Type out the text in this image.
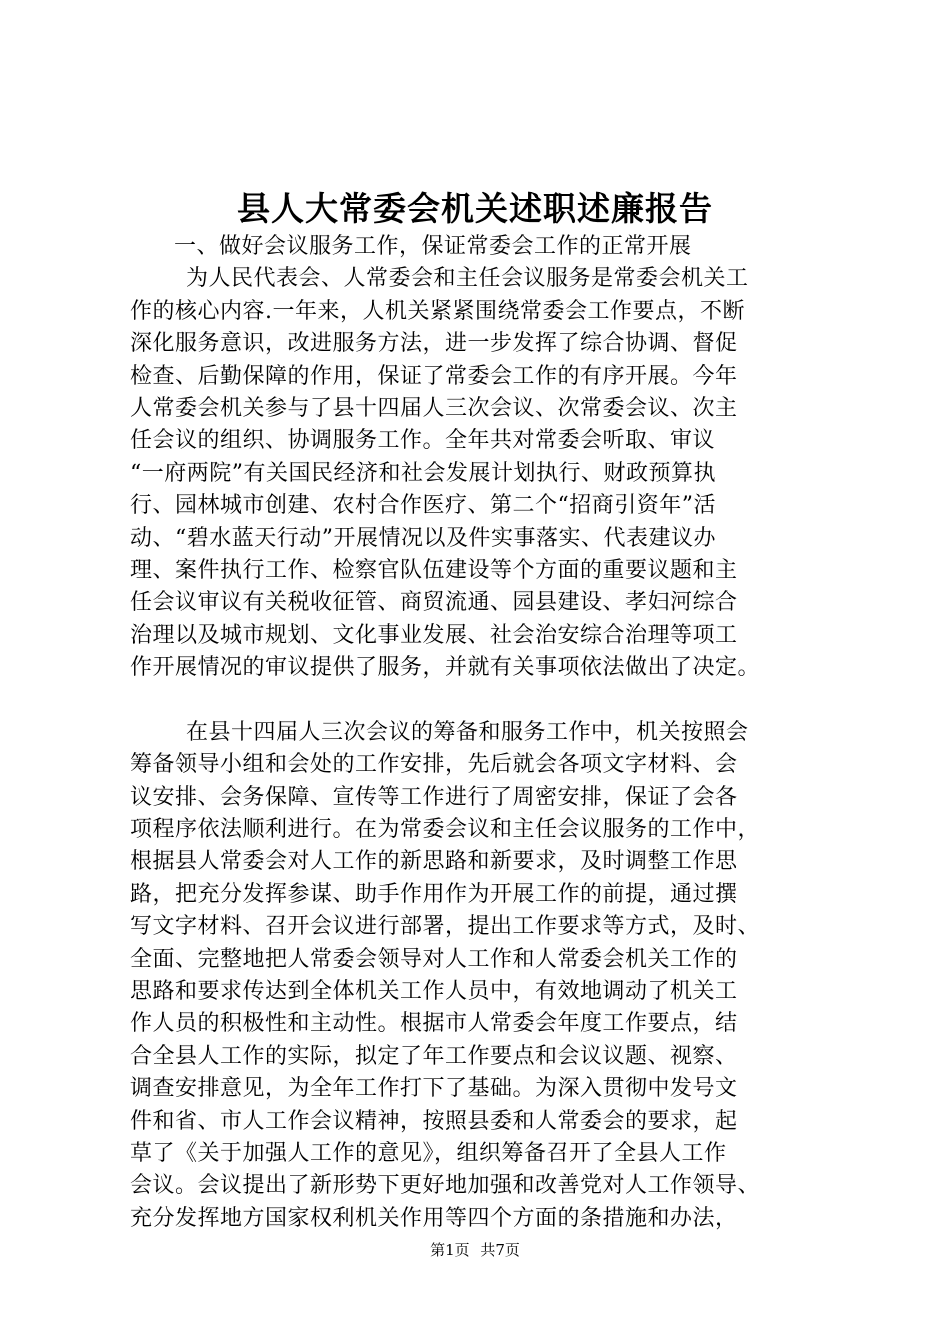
县人大常委会机关述职述廉报告
一、做好会议服务工作，保证常委会工作的正常开展
为人民代表会、人常委会和主任会议服务是常委会机关工
作的核心内容.一年来，人机关紧紧围绕常委会工作要点，不断
深化服务意识，改进服务方法，进一步发挥了综合协调、督促
检查、后勤保障的作用，保证了常委会工作的有序开展。今年
人常委会机关参与了县十四届人三次会议、次常委会议、次主
任会议的组织、协调服务工作。全年共对常委会听取、审议
“一府两院”有关国民经济和社会发展计划执行、财政预算执
行、园林城市创建、农村合作医疗、第二个“招商引资年”活
动、“碧水蓝天行动”开展情况以及件实事落实、代表建议办
理、案件执行工作、检察官队伍建设等个方面的重要议题和主
任会议审议有关税收征管、商贸流通、园县建设、孝妇河综合
治理以及城市规划、文化事业发展、社会治安综合治理等项工
作开展情况的审议提供了服务，并就有关事项依法做出了决定。
在县十四届人三次会议的筹备和服务工作中，机关按照会
筹备领导小组和会处的工作安排，先后就会各项文字材料、会
议安排、会务保障、宣传等工作进行了周密安排，保证了会各
项程序依法顺利进行。在为常委会议和主任会议服务的工作中，
根据县人常委会对人工作的新思路和新要求，及时调整工作思
路，把充分发挥参谋、助手作用作为开展工作的前提，通过撰
写文字材料、召开会议进行部署，提出工作要求等方式，及时、
全面、完整地把人常委会领导对人工作和人常委会机关工作的
思路和要求传达到全体机关工作人员中，有效地调动了机关工
作人员的积极性和主动性。根据市人常委会年度工作要点，结
合全县人工作的实际，拟定了年工作要点和会议议题、视察、
调查安排意见，为全年工作打下了基础。为深入贯彻中发号文
件和省、市人工作会议精神，按照县委和人常委会的要求，起
草了《关于加强人工作的意见》，组织筹备召开了全县人工作
会议。会议提出了新形势下更好地加强和改善党对人工作领导、
充分发挥地方国家权利机关作用等四个方面的条措施和办法，
第1页 共7页
